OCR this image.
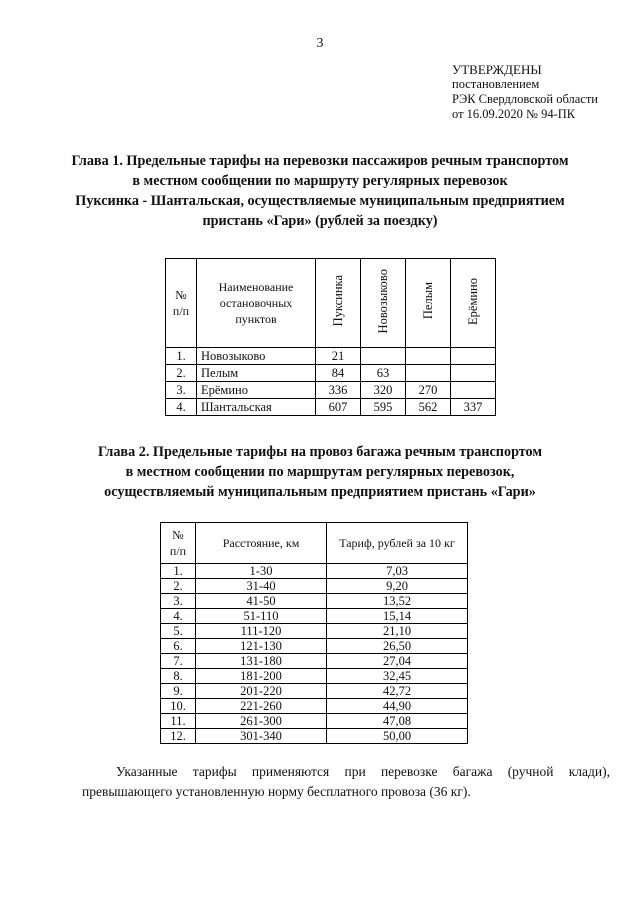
3
УТВЕРЖДЕНЫ
постановлением
РЭК Свердловской области
от 16.09.2020 № 94-ПК
Глава 1. Предельные тарифы на перевозки пассажиров речным транспортом
в местном сообщении по маршруту регулярных перевозок
Пуксинка - Шантальская, осуществляемые муниципальным предприятием
пристань «Гари» (рублей за поездку)
№
п/п	Наименование
остановочных
пунктов	Пуксинка	Новозыково	Пелым	Ерёмино
1.	Новозыково	21			
2.	Пелым	84	63		
3.	Ерёмино	336	320	270	
4.	Шантальская	607	595	562	337
Глава 2. Предельные тарифы на провоз багажа речным транспортом
в местном сообщении по маршрутам регулярных перевозок,
осуществляемый муниципальным предприятием пристань «Гари»
№
п/п	Расстояние, км	Тариф, рублей за 10 кг
1.	1-30	7,03
2.	31-40	9,20
3.	41-50	13,52
4.	51-110	15,14
5.	111-120	21,10
6.	121-130	26,50
7.	131-180	27,04
8.	181-200	32,45
9.	201-220	42,72
10.	221-260	44,90
11.	261-300	47,08
12.	301-340	50,00
Указанные тарифы применяются при перевозке багажа (ручной клади), превышающего установленную норму бесплатного провоза (36 кг).
